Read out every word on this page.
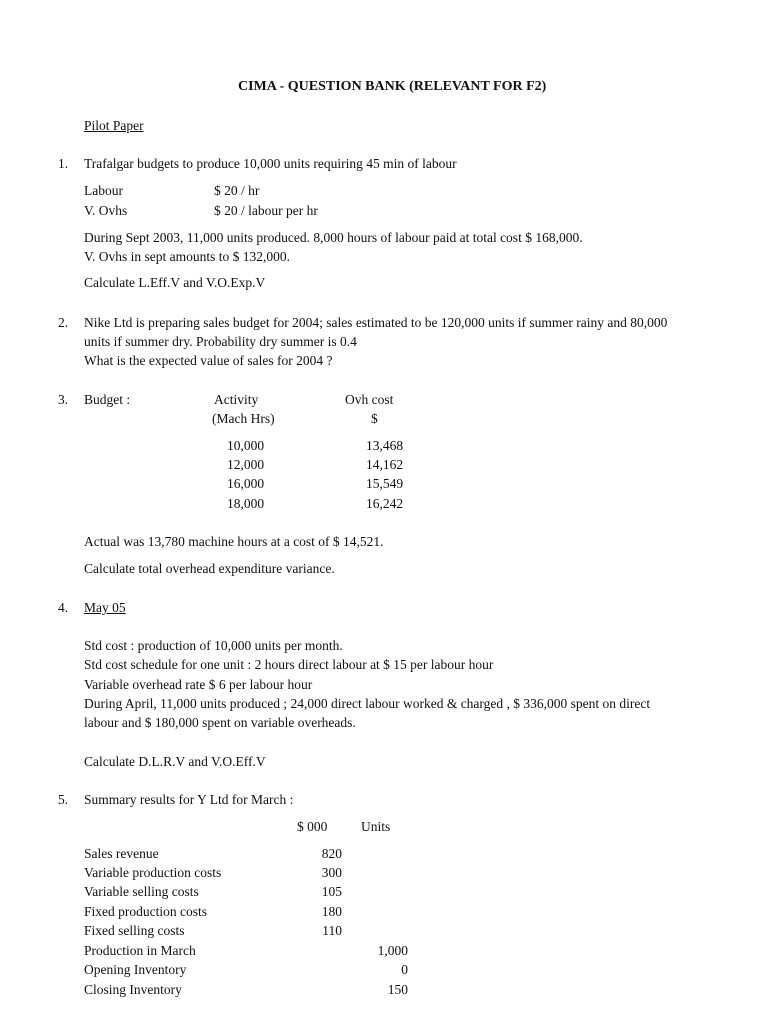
CIMA - QUESTION BANK (RELEVANT FOR F2)
Pilot Paper
1. Trafalgar budgets to produce 10,000 units requiring 45 min of labour
Labour	$ 20 / hr
V. Ovhs	$ 20 / labour per hr
During Sept 2003, 11,000 units produced. 8,000 hours of labour paid at total cost $ 168,000.
V. Ovhs in sept amounts to $ 132,000.
Calculate L.Eff.V and V.O.Exp.V
2. Nike Ltd is preparing sales budget for 2004; sales estimated to be 120,000 units if summer rainy and 80,000
units if summer dry. Probability dry summer is 0.4
What is the expected value of sales for 2004 ?
3. Budget :	Activity	Ovh cost
(Mach Hrs)	$
10,000	13,468
12,000	14,162
16,000	15,549
18,000	16,242
Actual was 13,780 machine hours at a cost of $ 14,521.
Calculate total overhead expenditure variance.
4. May 05
Std cost : production of 10,000 units per month.
Std cost schedule for one unit : 2 hours direct labour at $ 15 per labour hour
Variable overhead rate $ 6 per labour hour
During April, 11,000 units produced ; 24,000 direct labour worked & charged , $ 336,000 spent on direct
labour and $ 180,000 spent on variable overheads.
Calculate D.L.R.V and V.O.Eff.V
5. Summary results for Y Ltd for March :
$ 000 Units
Sales revenue	820
Variable production costs	300
Variable selling costs	105
Fixed production costs	180
Fixed selling costs	110
Production in March	1,000
Opening Inventory	0
Closing Inventory	150
